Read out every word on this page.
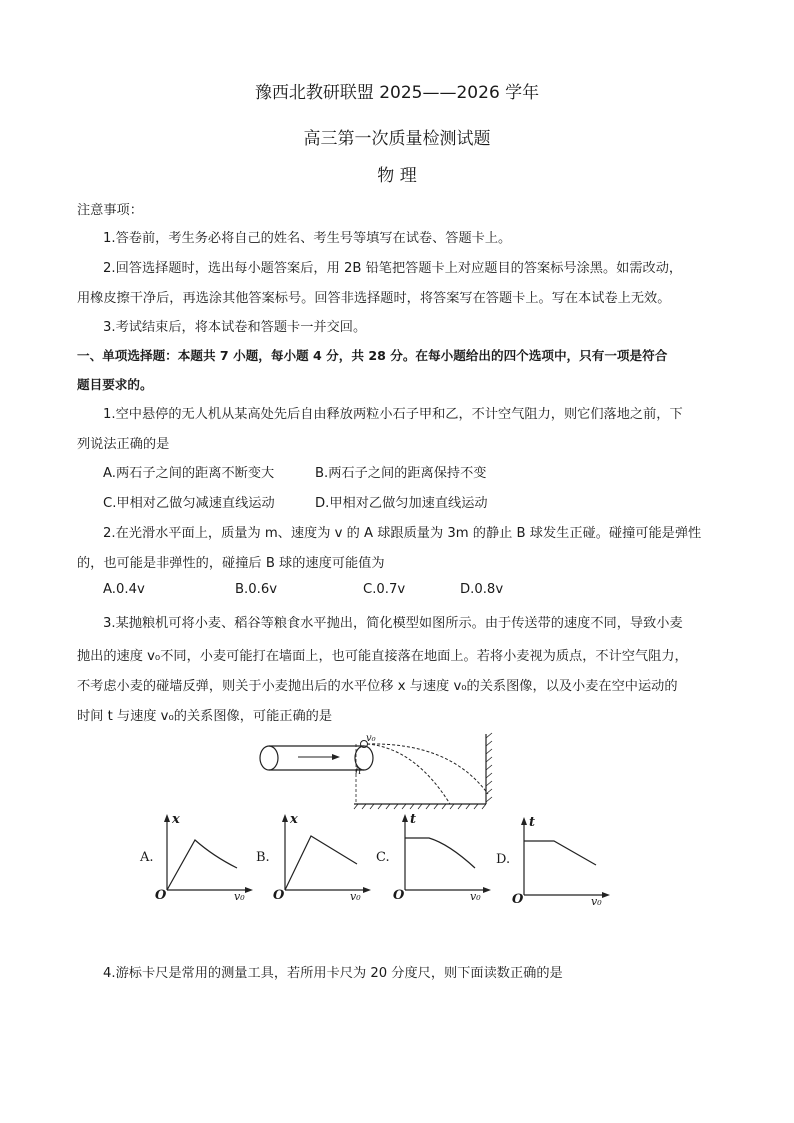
豫西北教研联盟 2025——2026 学年
高三第一次质量检测试题
物 理
注意事项：
1.答卷前，考生务必将自己的姓名、考生号等填写在试卷、答题卡上。
2.回答选择题时，选出每小题答案后，用 2B 铅笔把答题卡上对应题目的答案标号涂黑。如需改动，
用橡皮擦干净后，再选涂其他答案标号。回答非选择题时，将答案写在答题卡上。写在本试卷上无效。
3.考试结束后，将本试卷和答题卡一并交回。
一、单项选择题：本题共 7 小题，每小题 4 分，共 28 分。在每小题给出的四个选项中，只有一项是符合
题目要求的。
1.空中悬停的无人机从某高处先后自由释放两粒小石子甲和乙，不计空气阻力，则它们落地之前，下
列说法正确的是
A.两石子之间的距离不断变大	B.两石子之间的距离保持不变
C.甲相对乙做匀减速直线运动	D.甲相对乙做匀加速直线运动
2.在光滑水平面上，质量为 m、速度为 v 的 A 球跟质量为 3m 的静止 B 球发生正碰。碰撞可能是弹性
的，也可能是非弹性的，碰撞后 B 球的速度可能值为
A.0.4v	B.0.6v	C.0.7v	D.0.8v
3.某抛粮机可将小麦、稻谷等粮食水平抛出，简化模型如图所示。由于传送带的速度不同，导致小麦
抛出的速度 v₀不同，小麦可能打在墙面上，也可能直接落在地面上。若将小麦视为质点，不计空气阻力，
不考虑小麦的碰墙反弹，则关于小麦抛出后的水平位移 x 与速度 v₀的关系图像，以及小麦在空中运动的
时间 t 与速度 v₀的关系图像，可能正确的是
v₀
h
A.
x
v₀
O
B.
x
v₀
O
C.
t
v₀
O
D.
t
v₀
O
4.游标卡尺是常用的测量工具，若所用卡尺为 20 分度尺，则下面读数正确的是
